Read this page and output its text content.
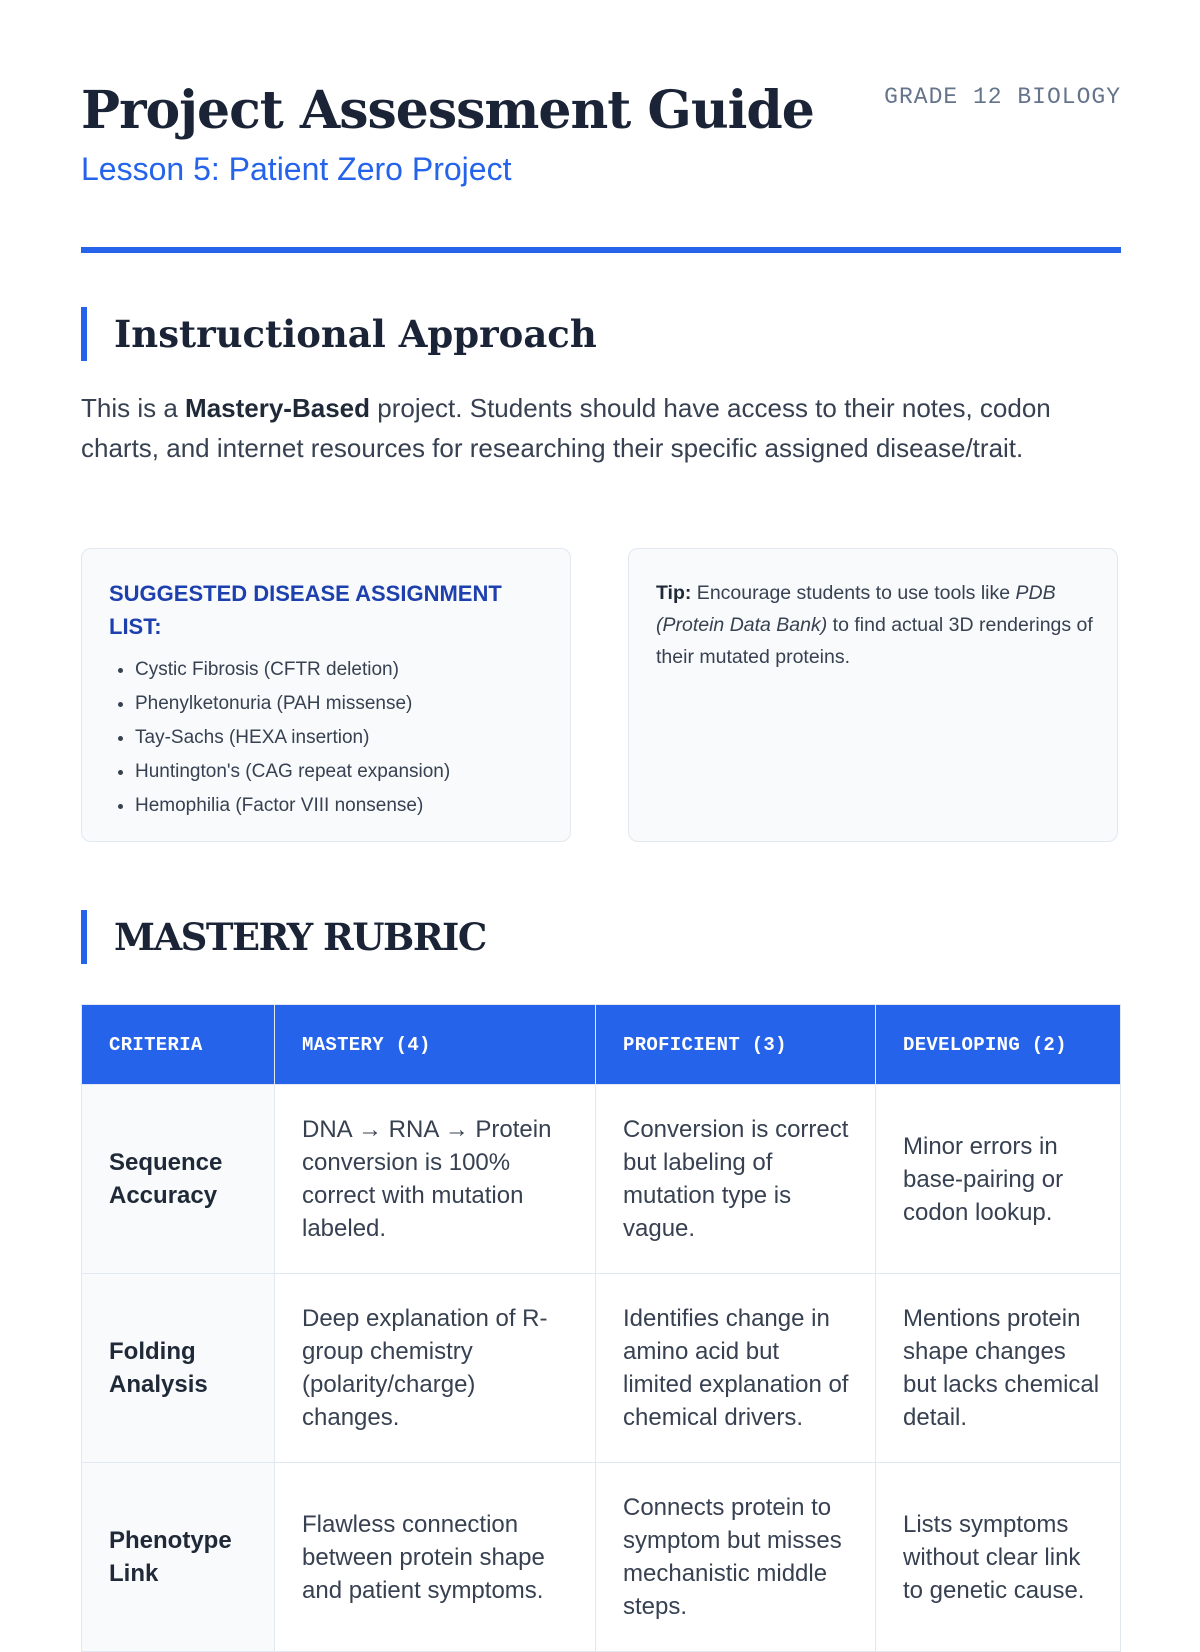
Project Assessment Guide
Lesson 5: Patient Zero Project
GRADE 12 BIOLOGY
Instructional Approach

This is a Mastery-Based project. Students should have access to their notes, codon charts, and internet resources for researching their specific assigned disease/trait.

SUGGESTED DISEASE ASSIGNMENT LIST:
• Cystic Fibrosis (CFTR deletion)
• Phenylketonuria (PAH missense)
• Tay-Sachs (HEXA insertion)
• Huntington's (CAG repeat expansion)
• Hemophilia (Factor VIII nonsense)

Tip: Encourage students to use tools like PDB (Protein Data Bank) to find actual 3D renderings of their mutated proteins.

MASTERY RUBRIC
CRITERIA	MASTERY (4)	PROFICIENT (3)	DEVELOPING (2)
Sequence Accuracy	DNA → RNA → Protein conversion is 100% correct with mutation labeled.	Conversion is correct but labeling of mutation type is vague.	Minor errors in base-pairing or codon lookup.
Folding Analysis	Deep explanation of R-group chemistry (polarity/charge) changes.	Identifies change in amino acid but limited explanation of chemical drivers.	Mentions protein shape changes but lacks chemical detail.
Phenotype Link	Flawless connection between protein shape and patient symptoms.	Connects protein to symptom but misses mechanistic middle steps.	Lists symptoms without clear link to genetic cause.
